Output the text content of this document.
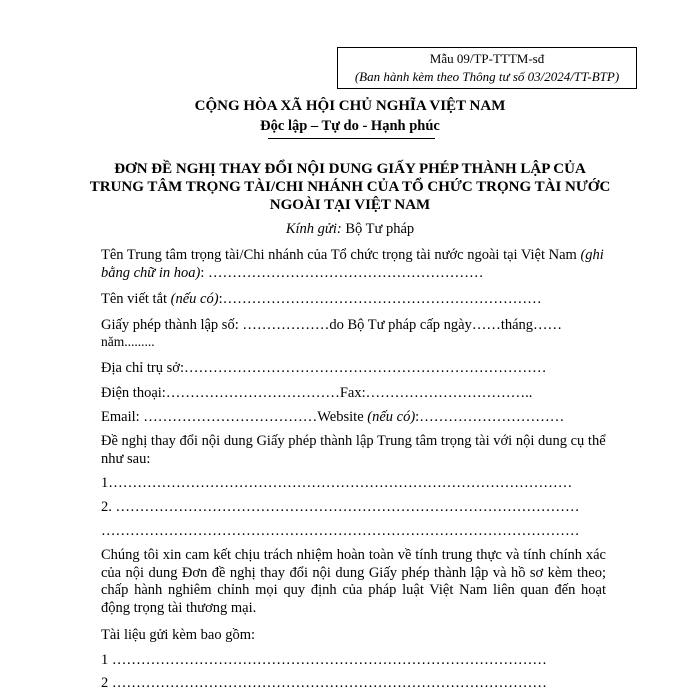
Mẫu 09/TP-TTTM-sđ
(Ban hành kèm theo Thông tư số 03/2024/TT-BTP)
CỘNG HÒA XÃ HỘI CHỦ NGHĨA VIỆT NAM
Độc lập – Tự do - Hạnh phúc
ĐƠN ĐỀ NGHỊ THAY ĐỔI NỘI DUNG GIẤY PHÉP THÀNH LẬP CỦA
TRUNG TÂM TRỌNG TÀI/CHI NHÁNH CỦA TỔ CHỨC TRỌNG TÀI NƯỚC
NGOÀI TẠI VIỆT NAM
Kính gửi: Bộ Tư pháp
Tên Trung tâm trọng tài/Chi nhánh của Tổ chức trọng tài nước ngoài tại Việt Nam (ghi
bằng chữ in hoa): …………………………………………………
Tên viết tắt (nếu có):…………………………………………………………
Giấy phép thành lập số: ………………do Bộ Tư pháp cấp ngày……tháng……
năm.........
Địa chỉ trụ sở:…………………………………………………………………
Điện thoại:………………………………Fax:……………………………..
Email: ………………………………Website (nếu có):…………………………
Đề nghị thay đổi nội dung Giấy phép thành lập Trung tâm trọng tài với nội dung cụ thể
như sau:
1……………………………………………………………………………………
2. ……………………………………………………………………………………
………………………………………………………………………………………
Chúng tôi xin cam kết chịu trách nhiệm hoàn toàn về tính trung thực và tính chính xác của nội dung Đơn đề nghị thay đổi nội dung Giấy phép thành lập và hồ sơ kèm theo; chấp hành nghiêm chỉnh mọi quy định của pháp luật Việt Nam liên quan đến hoạt động trọng tài thương mại.
Tài liệu gửi kèm bao gồm:
1 ………………………………………………………………………………
2 ………………………………………………………………………………
